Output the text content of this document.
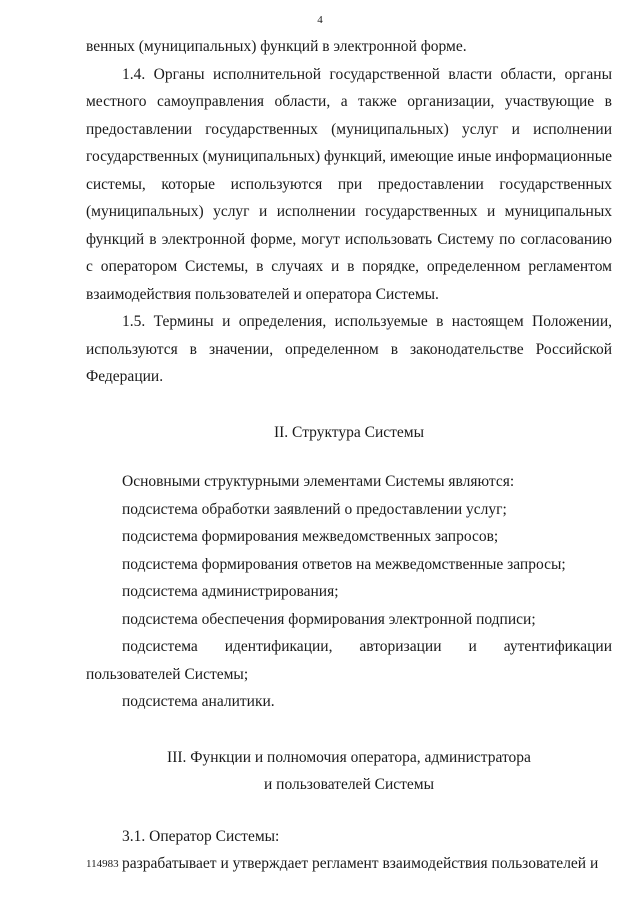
4

венных (муниципальных) функций в электронной форме.

1.4. Органы исполнительной государственной власти области, органы местного самоуправления области, а также организации, участвующие в предоставлении государственных (муниципальных) услуг и исполнении государственных (муниципальных) функций, имеющие иные информационные системы, которые используются при предоставлении государственных (муниципальных) услуг и исполнении государственных и муниципальных функций в электронной форме, могут использовать Систему по согласованию с оператором Системы, в случаях и в порядке, определенном регламентом взаимодействия пользователей и оператора Системы.

1.5. Термины и определения, используемые в настоящем Положении, используются в значении, определенном в законодательстве Российской Федерации.

II. Структура Системы

Основными структурными элементами Системы являются:

подсистема обработки заявлений о предоставлении услуг;

подсистема формирования межведомственных запросов;

подсистема формирования ответов на межведомственные запросы;

подсистема администрирования;

подсистема обеспечения формирования электронной подписи;

подсистема идентификации, авторизации и аутентификации пользователей Системы;

подсистема аналитики.

III. Функции и полномочия оператора, администратора

и пользователей Системы

3.1. Оператор Системы:

разрабатывает и утверждает регламент взаимодействия пользователей и

114983
